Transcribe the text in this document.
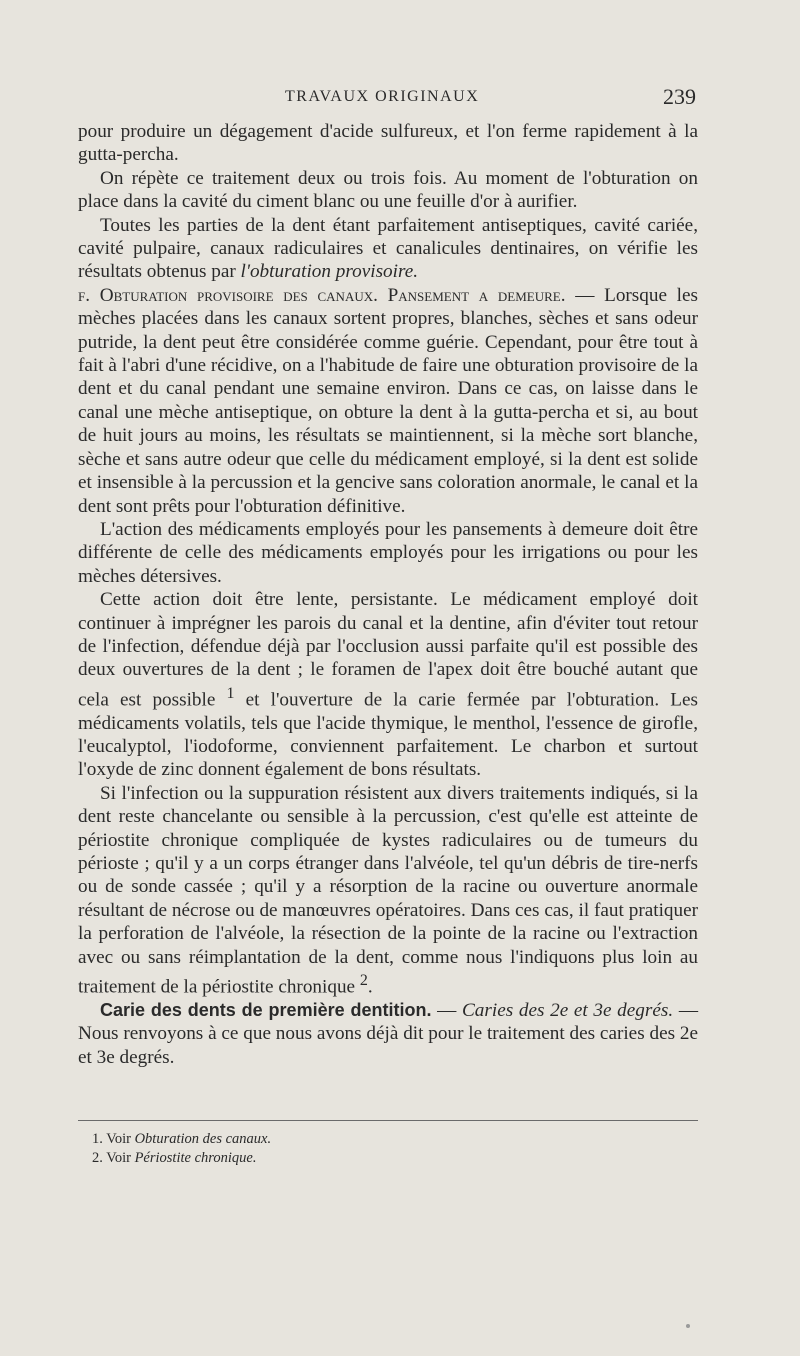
TRAVAUX ORIGINAUX	239

pour produire un dégagement d'acide sulfureux, et l'on ferme rapidement à la gutta-percha.

On répète ce traitement deux ou trois fois. Au moment de l'obturation on place dans la cavité du ciment blanc ou une feuille d'or à aurifier.

Toutes les parties de la dent étant parfaitement antiseptiques, cavité cariée, cavité pulpaire, canaux radiculaires et canalicules dentinaires, on vérifie les résultats obtenus par l'obturation provisoire.

f. Obturation provisoire des canaux. Pansement a demeure. — Lorsque les mèches placées dans les canaux sortent propres, blanches, sèches et sans odeur putride, la dent peut être considérée comme guérie. Cependant, pour être tout à fait à l'abri d'une récidive, on a l'habitude de faire une obturation provisoire de la dent et du canal pendant une semaine environ. Dans ce cas, on laisse dans le canal une mèche antiseptique, on obture la dent à la gutta-percha et si, au bout de huit jours au moins, les résultats se maintiennent, si la mèche sort blanche, sèche et sans autre odeur que celle du médicament employé, si la dent est solide et insensible à la percussion et la gencive sans coloration anormale, le canal et la dent sont prêts pour l'obturation définitive.

L'action des médicaments employés pour les pansements à demeure doit être différente de celle des médicaments employés pour les irrigations ou pour les mèches détersives.

Cette action doit être lente, persistante. Le médicament employé doit continuer à imprégner les parois du canal et la dentine, afin d'éviter tout retour de l'infection, défendue déjà par l'occlusion aussi parfaite qu'il est possible des deux ouvertures de la dent ; le foramen de l'apex doit être bouché autant que cela est possible $^1$ et l'ouverture de la carie fermée par l'obturation. Les médicaments volatils, tels que l'acide thymique, le menthol, l'essence de girofle, l'eucalyptol, l'iodoforme, conviennent parfaitement. Le charbon et surtout l'oxyde de zinc donnent également de bons résultats.

Si l'infection ou la suppuration résistent aux divers traitements indiqués, si la dent reste chancelante ou sensible à la percussion, c'est qu'elle est atteinte de périostite chronique compliquée de kystes radiculaires ou de tumeurs du périoste ; qu'il y a un corps étranger dans l'alvéole, tel qu'un débris de tire-nerfs ou de sonde cassée ; qu'il y a résorption de la racine ou ouverture anormale résultant de nécrose ou de manœuvres opératoires. Dans ces cas, il faut pratiquer la perforation de l'alvéole, la résection de la pointe de la racine ou l'extraction avec ou sans réimplantation de la dent, comme nous l'indiquons plus loin au traitement de la périostite chronique $^2$.

Carie des dents de première dentition. — Caries des 2e et 3e degrés. — Nous renvoyons à ce que nous avons déjà dit pour le traitement des caries des 2e et 3e degrés.

1. Voir Obturation des canaux.
2. Voir Périostite chronique.
